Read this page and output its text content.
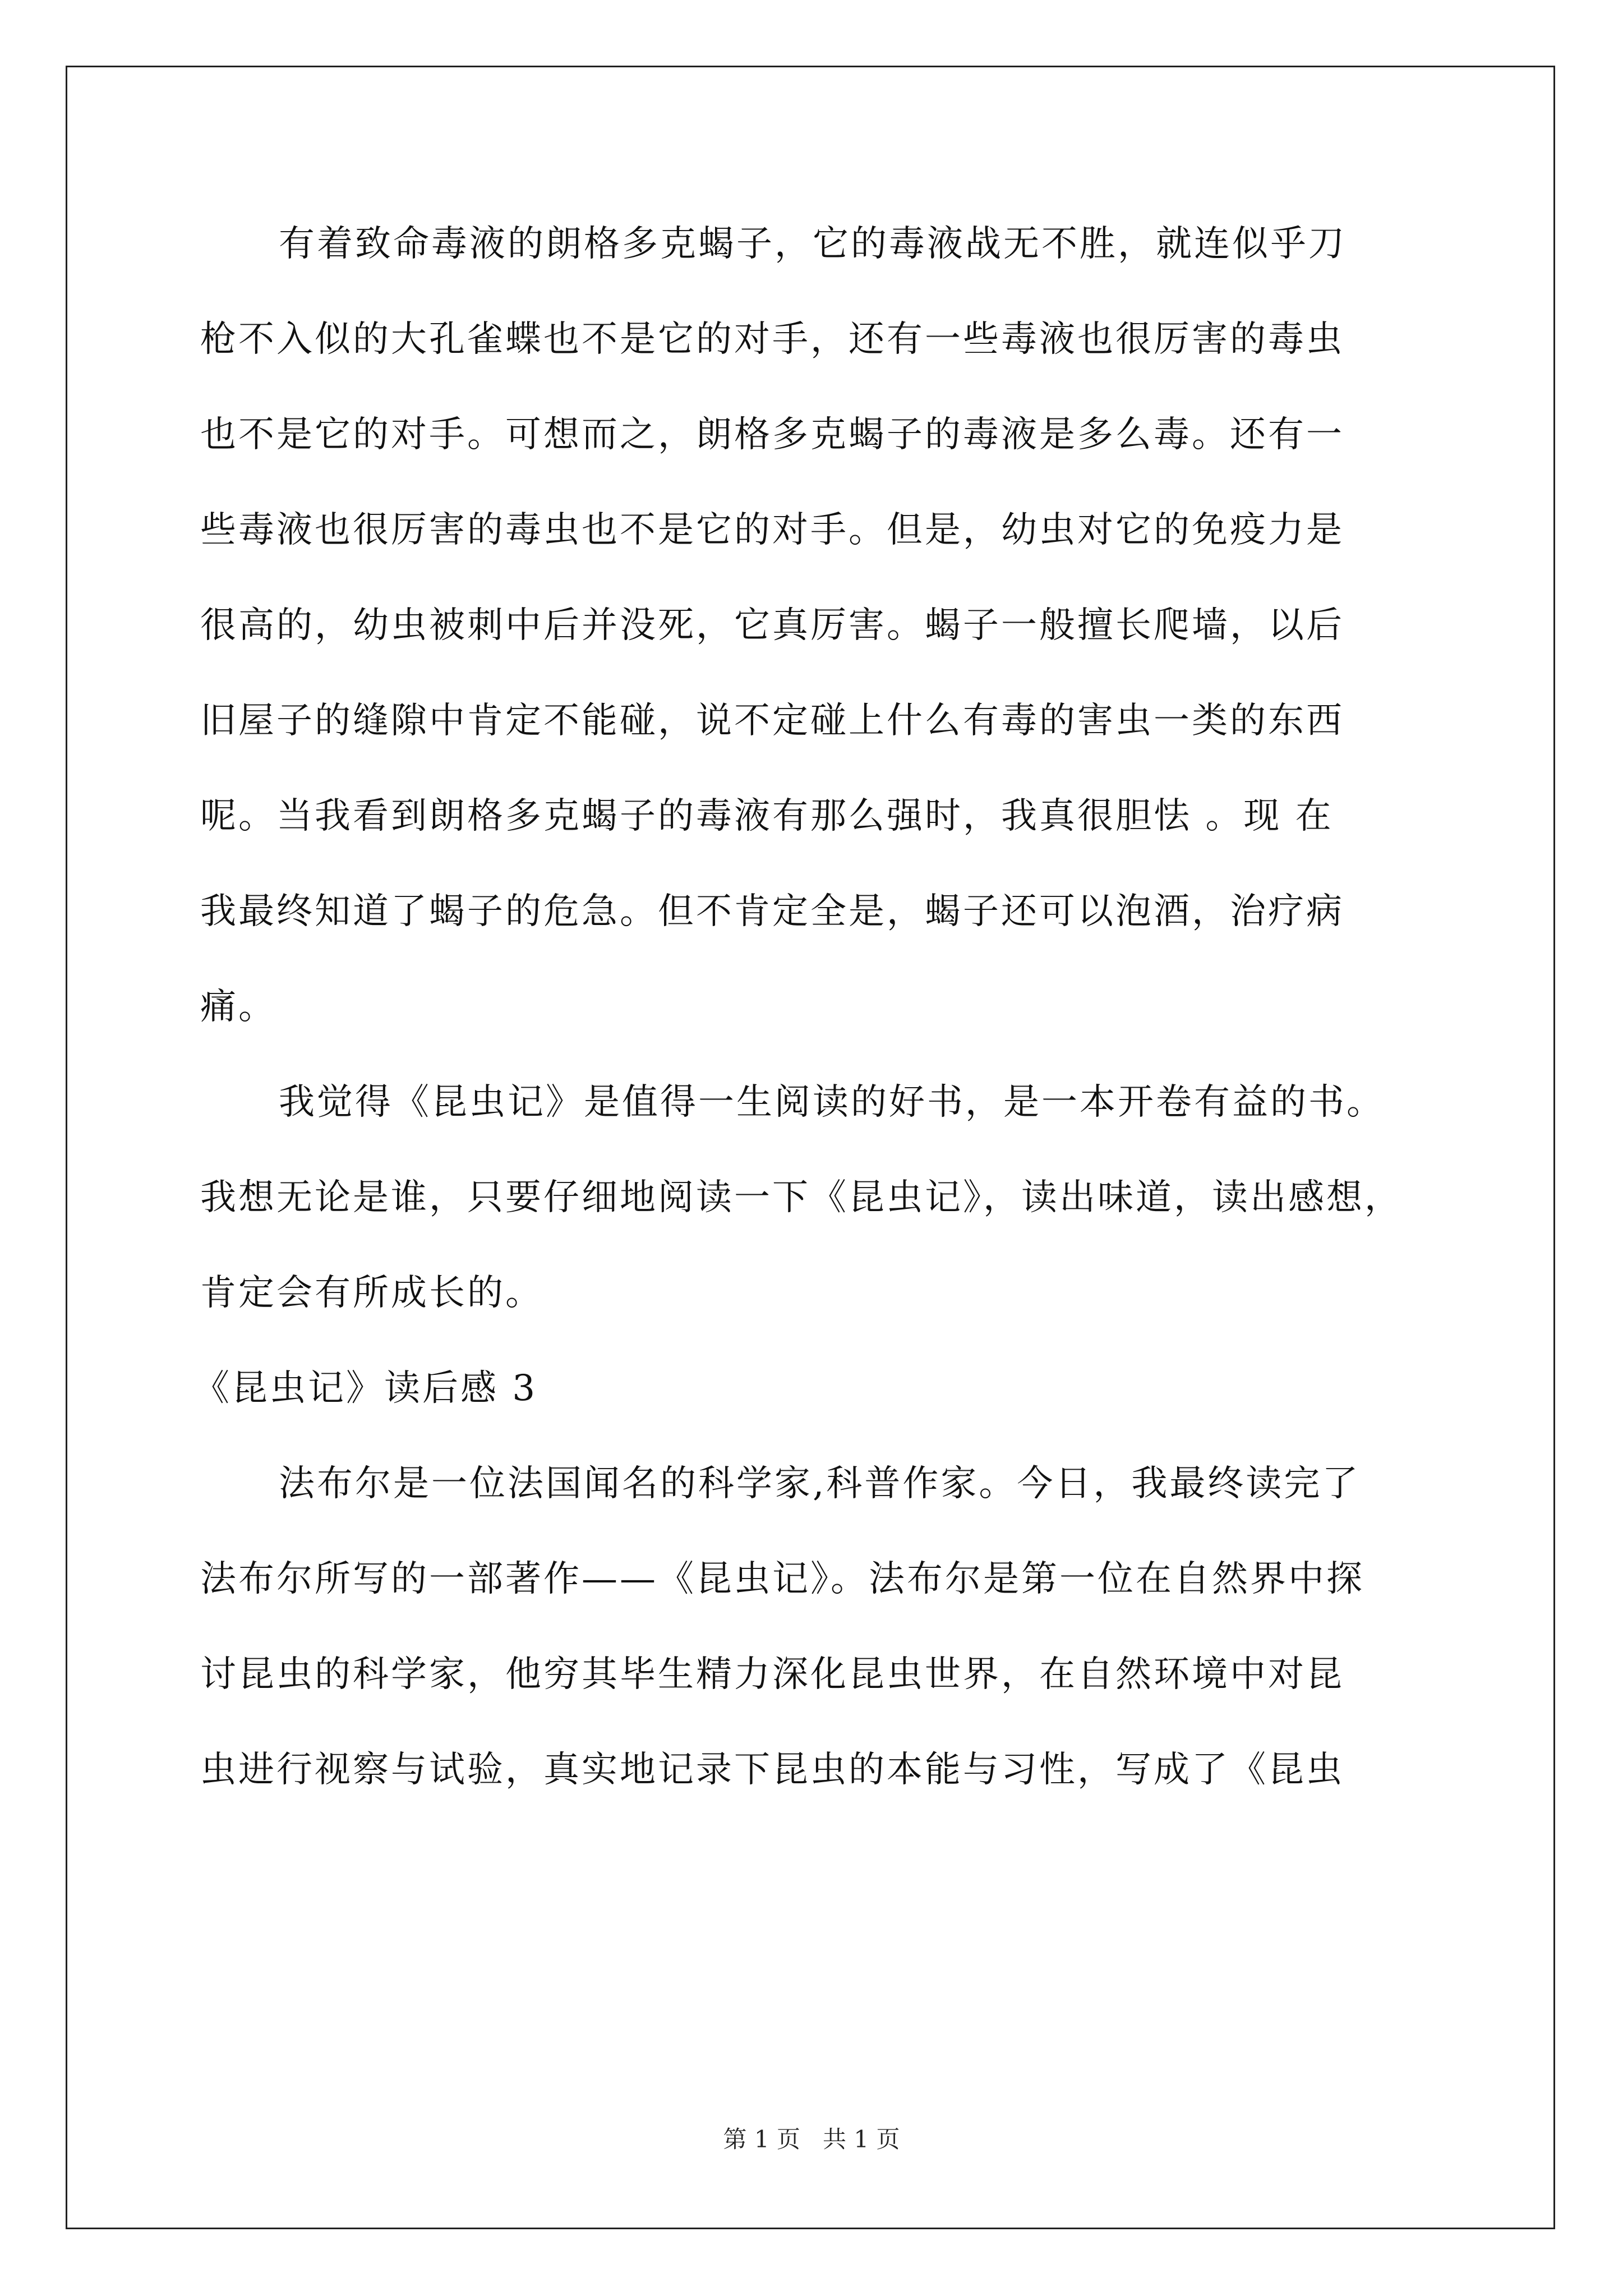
有着致命毒液的朗格多克蝎子，它的毒液战无不胜，就连似乎刀
枪不入似的大孔雀蝶也不是它的对手，还有一些毒液也很厉害的毒虫
也不是它的对手。可想而之，朗格多克蝎子的毒液是多么毒。还有一
些毒液也很厉害的毒虫也不是它的对手。但是，幼虫对它的免疫力是
很高的，幼虫被刺中后并没死，它真厉害。蝎子一般擅长爬墙，以后
旧屋子的缝隙中肯定不能碰，说不定碰上什么有毒的害虫一类的东西
呢。当我看到朗格多克蝎子的毒液有那么强时，我真很胆怯 。现 在
我最终知道了蝎子的危急。但不肯定全是，蝎子还可以泡酒，治疗病
痛。
我觉得《昆虫记》是值得一生阅读的好书，是一本开卷有益的书。
我想无论是谁，只要仔细地阅读一下《昆虫记》，读出味道，读出感想，
肯定会有所成长的。
《昆虫记》读后感 3
法布尔是一位法国闻名的科学家,科普作家。今日，我最终读完了
法布尔所写的一部著作——《昆虫记》。法布尔是第一位在自然界中探
讨昆虫的科学家，他穷其毕生精力深化昆虫世界，在自然环境中对昆
虫进行视察与试验，真实地记录下昆虫的本能与习性，写成了《昆虫
第 1 页   共 1 页
